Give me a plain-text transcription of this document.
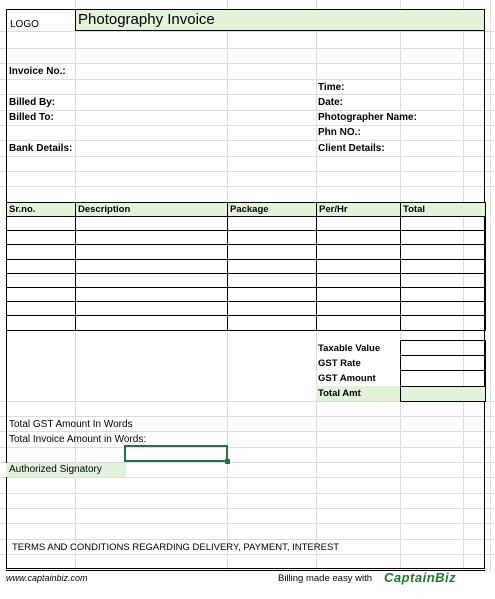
LOGO	Photography Invoice
Invoice No.:
Billed By:
Billed To:
Bank Details:
Time:
Date:
Photographer Name:
Phn NO.:
Client Details:
Sr.no.	Description	Package	Per/Hr	Total

Taxable Value	
GST Rate	
GST Amount	
Total Amt	
Total GST Amount In Words
Total Invoice Amount in Words:
Authorized Signatory
TERMS AND CONDITIONS REGARDING DELIVERY, PAYMENT, INTEREST
www.captainbiz.com	Billing made easy with CaptainBiz
